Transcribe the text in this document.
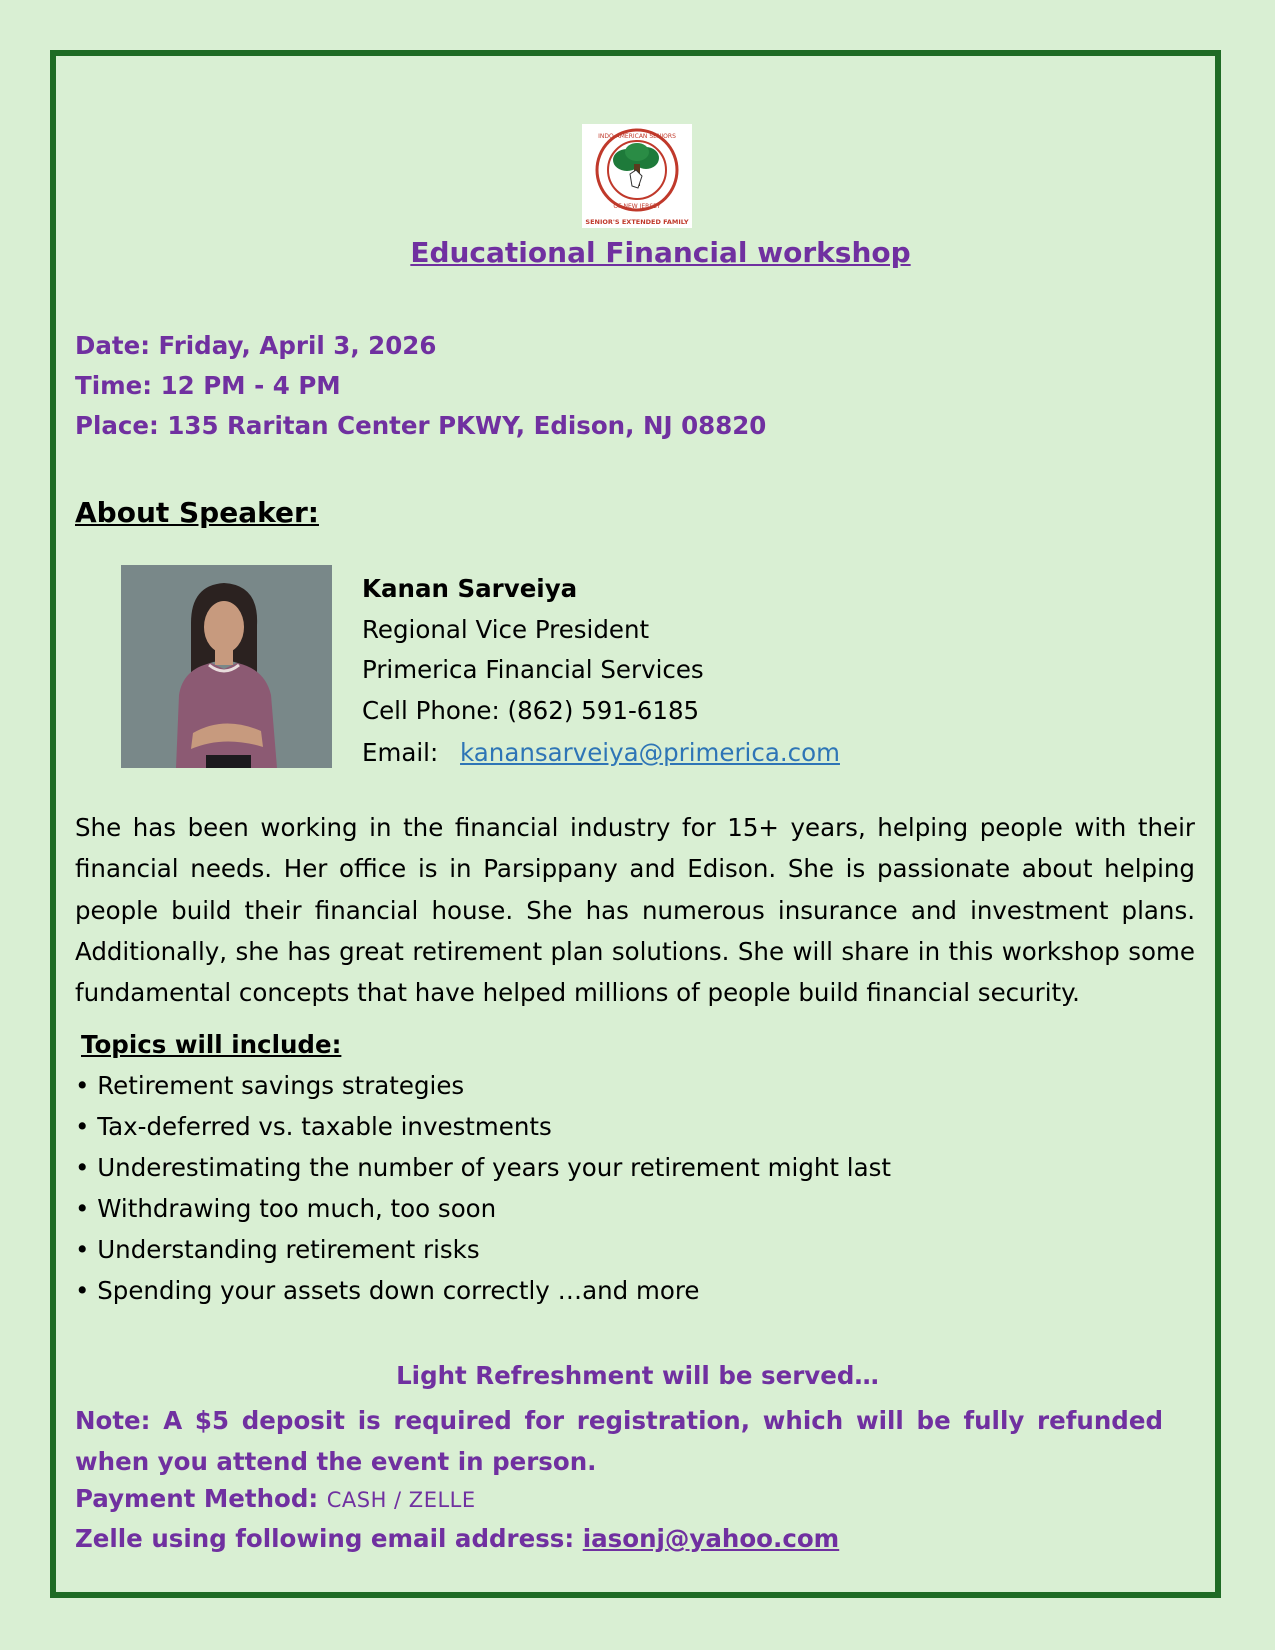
INDO AMERICAN SENIORS
OF NEW JERSEY
SENIOR'S EXTENDED FAMILY
Educational Financial workshop
Date: Friday, April 3, 2026
Time: 12 PM - 4 PM
Place: 135 Raritan Center PKWY, Edison, NJ 08820
About Speaker:
Kanan Sarveiya
Regional Vice President
Primerica Financial Services
Cell Phone: (862) 591-6185
Email: kanansarveiya@primerica.com
She has been working in the financial industry for 15+ years, helping people with their financial needs. Her office is in Parsippany and Edison. She is passionate about helping people build their financial house. She has numerous insurance and investment plans. Additionally, she has great retirement plan solutions. She will share in this workshop some fundamental concepts that have helped millions of people build financial security.
Topics will include:
• Retirement savings strategies
• Tax-deferred vs. taxable investments
• Underestimating the number of years your retirement might last
• Withdrawing too much, too soon
• Understanding retirement risks
• Spending your assets down correctly …and more
Light Refreshment will be served…
Note: A $5 deposit is required for registration, which will be fully refunded when you attend the event in person.
Payment Method: CASH / ZELLE
Zelle using following email address: iasonj@yahoo.com
